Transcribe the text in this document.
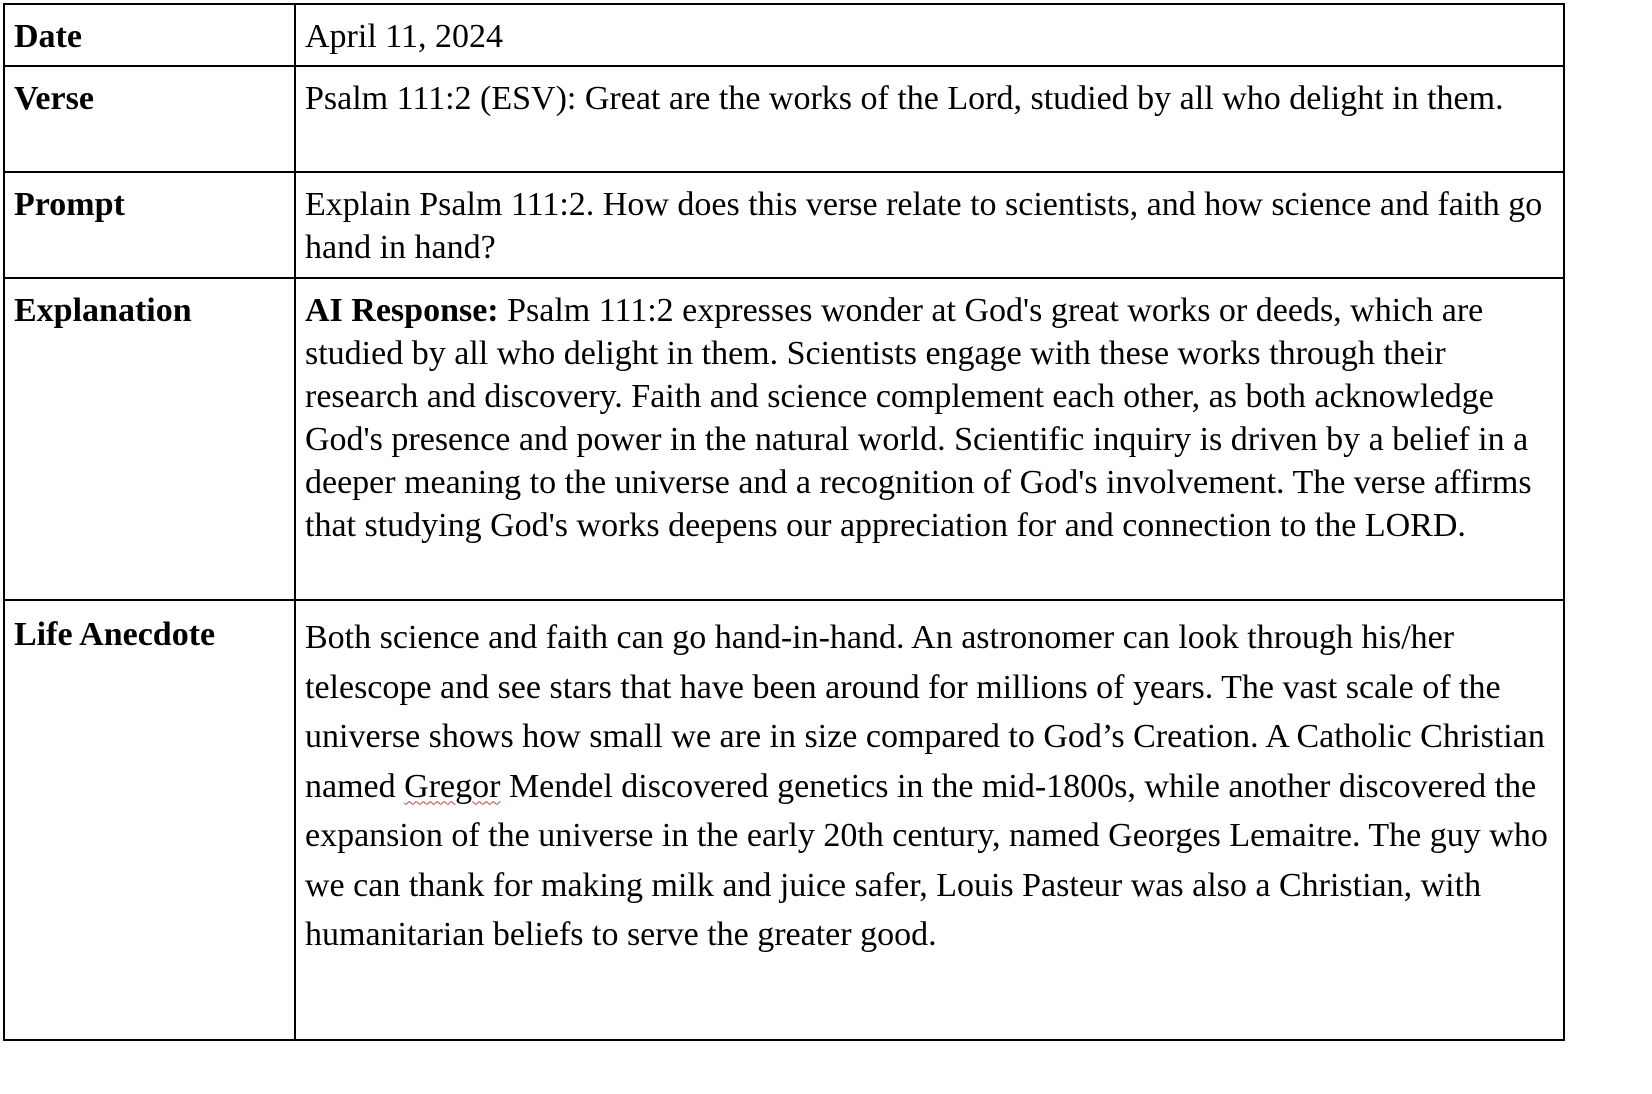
Date	April 11, 2024
Verse	Psalm 111:2 (ESV): Great are the works of the Lord, studied by all who delight in them.
Prompt	Explain Psalm 111:2. How does this verse relate to scientists, and how science and faith go hand in hand?
Explanation	AI Response: Psalm 111:2 expresses wonder at God's great works or deeds, which are studied by all who delight in them. Scientists engage with these works through their research and discovery. Faith and science complement each other, as both acknowledge God's presence and power in the natural world. Scientific inquiry is driven by a belief in a deeper meaning to the universe and a recognition of God's involvement. The verse affirms that studying God's works deepens our appreciation for and connection to the LORD.
Life Anecdote	Both science and faith can go hand-in-hand. An astronomer can look through his/her telescope and see stars that have been around for millions of years. The vast scale of the universe shows how small we are in size compared to God’s Creation. A Catholic Christian named Gregor Mendel discovered genetics in the mid-1800s, while another discovered the expansion of the universe in the early 20th century, named Georges Lemaitre. The guy who we can thank for making milk and juice safer, Louis Pasteur was also a Christian, with humanitarian beliefs to serve the greater good.
